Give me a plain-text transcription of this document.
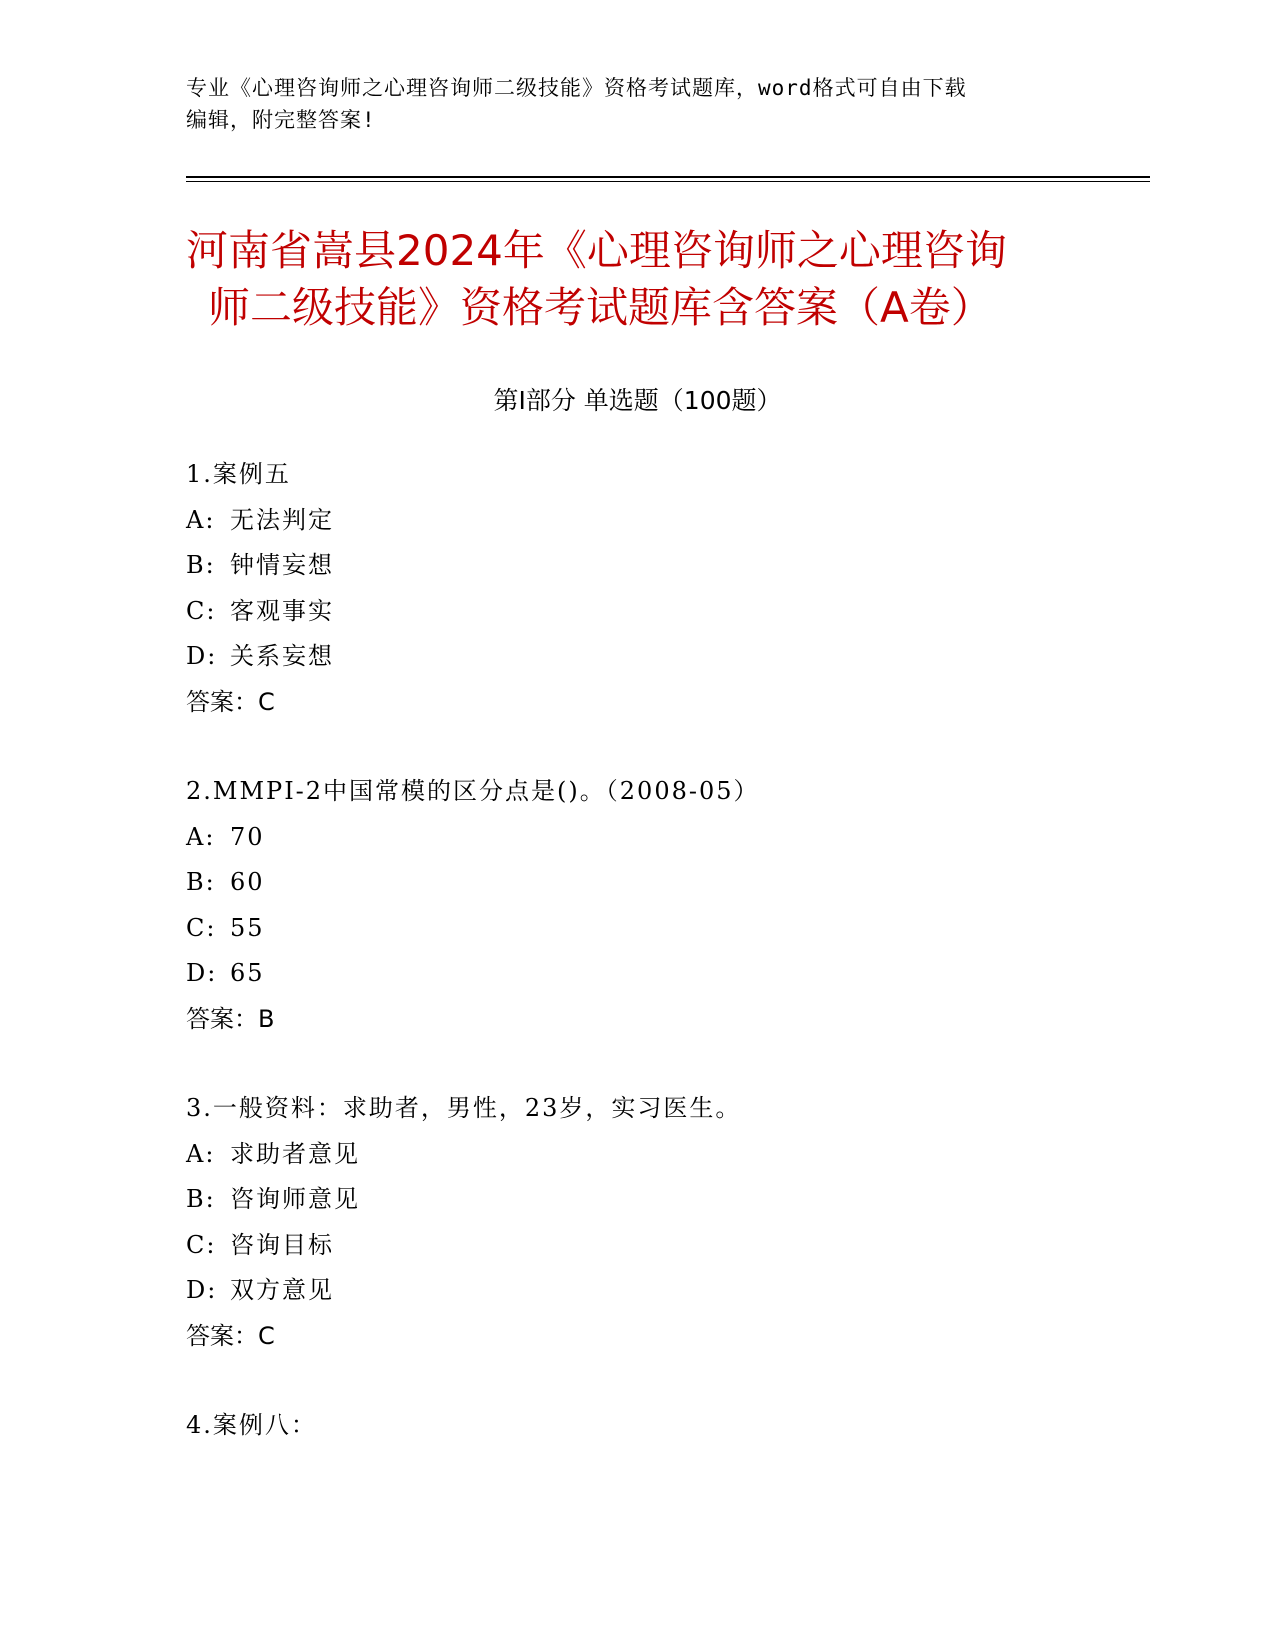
专业《心理咨询师之心理咨询师二级技能》资格考试题库，word格式可自由下载
编辑，附完整答案!
河南省嵩县2024年《心理咨询师之心理咨询
师二级技能》资格考试题库含答案（A卷）
第Ⅰ部分 单选题（100题）
1.案例五
A: 无法判定
B: 钟情妄想
C: 客观事实
D: 关系妄想
答案：C
2.MMPI-2中国常模的区分点是()。（2008-05）
A: 70
B: 60
C: 55
D: 65
答案：B
3.一般资料：求助者，男性，23岁，实习医生。
A: 求助者意见
B: 咨询师意见
C: 咨询目标
D: 双方意见
答案：C
4.案例八：
